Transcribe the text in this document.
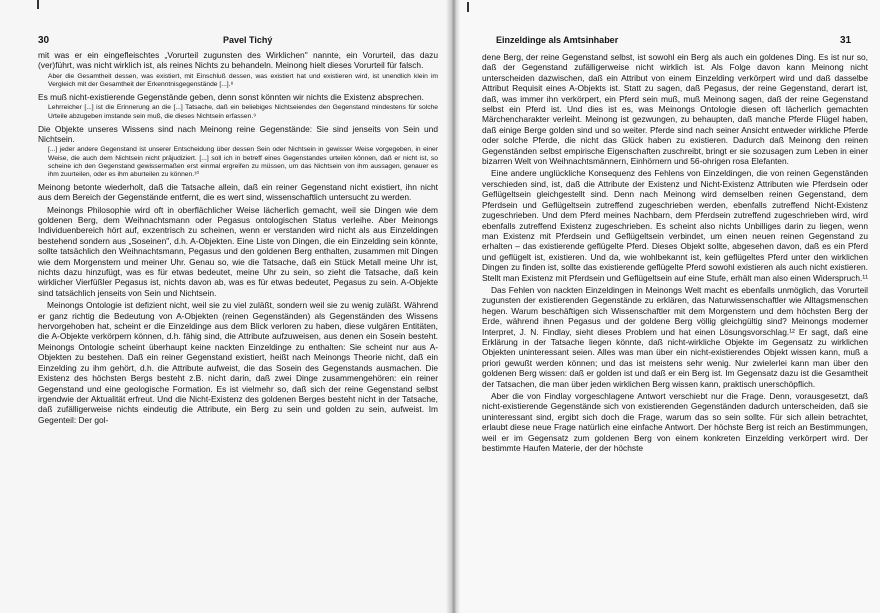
30	Pavel Tichý

mit was er ein eingefleischtes „Vorurteil zugunsten des Wirklichen" nannte, ein Vorurteil, das dazu (ver)führt, was nicht wirklich ist, als reines Nichts zu behandeln. Meinong hielt dieses Vorurteil für falsch.

Aber die Gesamtheit dessen, was existiert, mit Einschluß dessen, was existiert hat und existieren wird, ist unendlich klein im Vergleich mit der Gesamtheit der Erkenntnisgegenstände [...].⁸

Es muß nicht-existierende Gegenstände geben, denn sonst könnten wir nichts die Existenz absprechen.

Lehrreicher [...] ist die Erinnerung an die [...] Tatsache, daß ein beliebiges Nichtseiendes den Gegenstand mindestens für solche Urteile abzugeben imstande sein muß, die dieses Nichtsein erfassen.⁹

Die Objekte unseres Wissens sind nach Meinong reine Gegenstände: Sie sind jenseits von Sein und Nichtsein.

[...] jeder andere Gegenstand ist unserer Entscheidung über dessen Sein oder Nichtsein in gewisser Weise vorgegeben, in einer Weise, die auch dem Nichtsein nicht präjudiziert. [...] soll ich in betreff eines Gegenstandes urteilen können, daß er nicht ist, so scheine ich den Gegenstand gewissermaßen erst einmal ergreifen zu müssen, um das Nichtsein von ihm aussagen, genauer es ihm zuurteilen, oder es ihm aburteilen zu können.¹⁰

Meinong betonte wiederholt, daß die Tatsache allein, daß ein reiner Gegenstand nicht existiert, ihn nicht aus dem Bereich der Gegenstände entfernt, die es wert sind, wissenschaftlich untersucht zu werden.

Meinongs Philosophie wird oft in oberflächlicher Weise lächerlich gemacht, weil sie Dingen wie dem goldenen Berg, dem Weihnachtsmann oder Pegasus ontologischen Status verleihe. Aber Meinongs Individuenbereich hört auf, exzentrisch zu scheinen, wenn er verstanden wird nicht als aus Einzeldingen bestehend sondern aus „Soseinen", d.h. A-Objekten. Eine Liste von Dingen, die ein Einzelding sein könnte, sollte tatsächlich den Weihnachtsmann, Pegasus und den goldenen Berg enthalten, zusammen mit Dingen wie dem Morgenstern und meiner Uhr. Genau so, wie die Tatsache, daß ein Stück Metall meine Uhr ist, nichts dazu hinzufügt, was es für etwas bedeutet, meine Uhr zu sein, so zieht die Tatsache, daß kein wirklicher Vierfüßler Pegasus ist, nichts davon ab, was es für etwas bedeutet, Pegasus zu sein. A-Objekte sind tatsächlich jenseits von Sein und Nichtsein.

Meinongs Ontologie ist defizient nicht, weil sie zu viel zuläßt, sondern weil sie zu wenig zuläßt. Während er ganz richtig die Bedeutung von A-Objekten (reinen Gegenständen) als Gegenständen des Wissens hervorgehoben hat, scheint er die Einzeldinge aus dem Blick verloren zu haben, diese vulgären Entitäten, die A-Objekte verkörpern können, d.h. fähig sind, die Attribute aufzuweisen, aus denen ein Sosein besteht. Meinongs Ontologie scheint überhaupt keine nackten Einzeldinge zu enthalten: Sie scheint nur aus A-Objekten zu bestehen. Daß ein reiner Gegenstand existiert, heißt nach Meinongs Theorie nicht, daß ein Einzelding zu ihm gehört, d.h. die Attribute aufweist, die das Sosein des Gegenstands ausmachen. Die Existenz des höchsten Bergs besteht z.B. nicht darin, daß zwei Dinge zusammengehören: ein reiner Gegenstand und eine geologische Formation. Es ist vielmehr so, daß sich der reine Gegenstand selbst irgendwie der Aktualität erfreut. Und die Nicht-Existenz des goldenen Berges besteht nicht in der Tatsache, daß zufälligerweise nichts eindeutig die Attribute, ein Berg zu sein und golden zu sein, aufweist. Im Gegenteil: Der gol-

Einzeldinge als Amtsinhaber	31

dene Berg, der reine Gegenstand selbst, ist sowohl ein Berg als auch ein goldenes Ding. Es ist nur so, daß der Gegenstand zufälligerweise nicht wirklich ist. Als Folge davon kann Meinong nicht unterscheiden dazwischen, daß ein Attribut von einem Einzelding verkörpert wird und daß dasselbe Attribut Requisit eines A-Objekts ist. Statt zu sagen, daß Pegasus, der reine Gegenstand, derart ist, daß, was immer ihn verkörpert, ein Pferd sein muß, muß Meinong sagen, daß der reine Gegenstand selbst ein Pferd ist. Und dies ist es, was Meinongs Ontologie diesen oft lächerlich gemachten Märchencharakter verleiht. Meinong ist gezwungen, zu behaupten, daß manche Pferde Flügel haben, daß einige Berge golden sind und so weiter. Pferde sind nach seiner Ansicht entweder wirkliche Pferde oder solche Pferde, die nicht das Glück haben zu existieren. Dadurch daß Meinong den reinen Gegenständen selbst empirische Eigenschaften zuschreibt, bringt er sie sozusagen zum Leben in einer bizarren Welt von Weihnachtsmännern, Einhörnern und 56-ohrigen rosa Elefanten.

Eine andere unglückliche Konsequenz des Fehlens von Einzeldingen, die von reinen Gegenständen verschieden sind, ist, daß die Attribute der Existenz und Nicht-Existenz Attributen wie Pferdsein oder Geflügeltsein gleichgestellt sind. Denn nach Meinong wird demselben reinen Gegenstand, dem Pferdsein und Geflügeltsein zutreffend zugeschrieben werden, ebenfalls zutreffend Nicht-Existenz zugeschrieben. Und dem Pferd meines Nachbarn, dem Pferdsein zutreffend zugeschrieben wird, wird ebenfalls zutreffend Existenz zugeschrieben. Es scheint also nichts Unbilliges darin zu liegen, wenn man Existenz mit Pferdsein und Geflügeltsein verbindet, um einen neuen reinen Gegenstand zu erhalten – das existierende geflügelte Pferd. Dieses Objekt sollte, abgesehen davon, daß es ein Pferd und geflügelt ist, existieren. Und da, wie wohlbekannt ist, kein geflügeltes Pferd unter den wirklichen Dingen zu finden ist, sollte das existierende geflügelte Pferd sowohl existieren als auch nicht existieren. Stellt man Existenz mit Pferdsein und Geflügeltsein auf eine Stufe, erhält man also einen Widerspruch.¹¹

Das Fehlen von nackten Einzeldingen in Meinongs Welt macht es ebenfalls unmöglich, das Vorurteil zugunsten der existierenden Gegenstände zu erklären, das Naturwissenschaftler wie Alltagsmenschen hegen. Warum beschäftigen sich Wissenschaftler mit dem Morgenstern und dem höchsten Berg der Erde, während ihnen Pegasus und der goldene Berg völlig gleichgültig sind? Meinongs moderner Interpret, J. N. Findlay, sieht dieses Problem und hat einen Lösungsvorschlag.¹² Er sagt, daß eine Erklärung in der Tatsache liegen könnte, daß nicht-wirkliche Objekte im Gegensatz zu wirklichen Objekten uninteressant seien. Alles was man über ein nicht-existierendes Objekt wissen kann, muß a priori gewußt werden können; und das ist meistens sehr wenig. Nur zwielerlei kann man über den goldenen Berg wissen: daß er golden ist und daß er ein Berg ist. Im Gegensatz dazu ist die Gesamtheit der Tatsachen, die man über jeden wirklichen Berg wissen kann, praktisch unerschöpflich.

Aber die von Findlay vorgeschlagene Antwort verschiebt nur die Frage. Denn, vorausgesetzt, daß nicht-existierende Gegenstände sich von existierenden Gegenständen dadurch unterscheiden, daß sie uninteressant sind, ergibt sich doch die Frage, warum das so sein sollte. Für sich allein betrachtet, erlaubt diese neue Frage natürlich eine einfache Antwort. Der höchste Berg ist reich an Bestimmungen, weil er im Gegensatz zum goldenen Berg von einem konkreten Einzelding verkörpert wird. Der bestimmte Haufen Materie, der der höchste
